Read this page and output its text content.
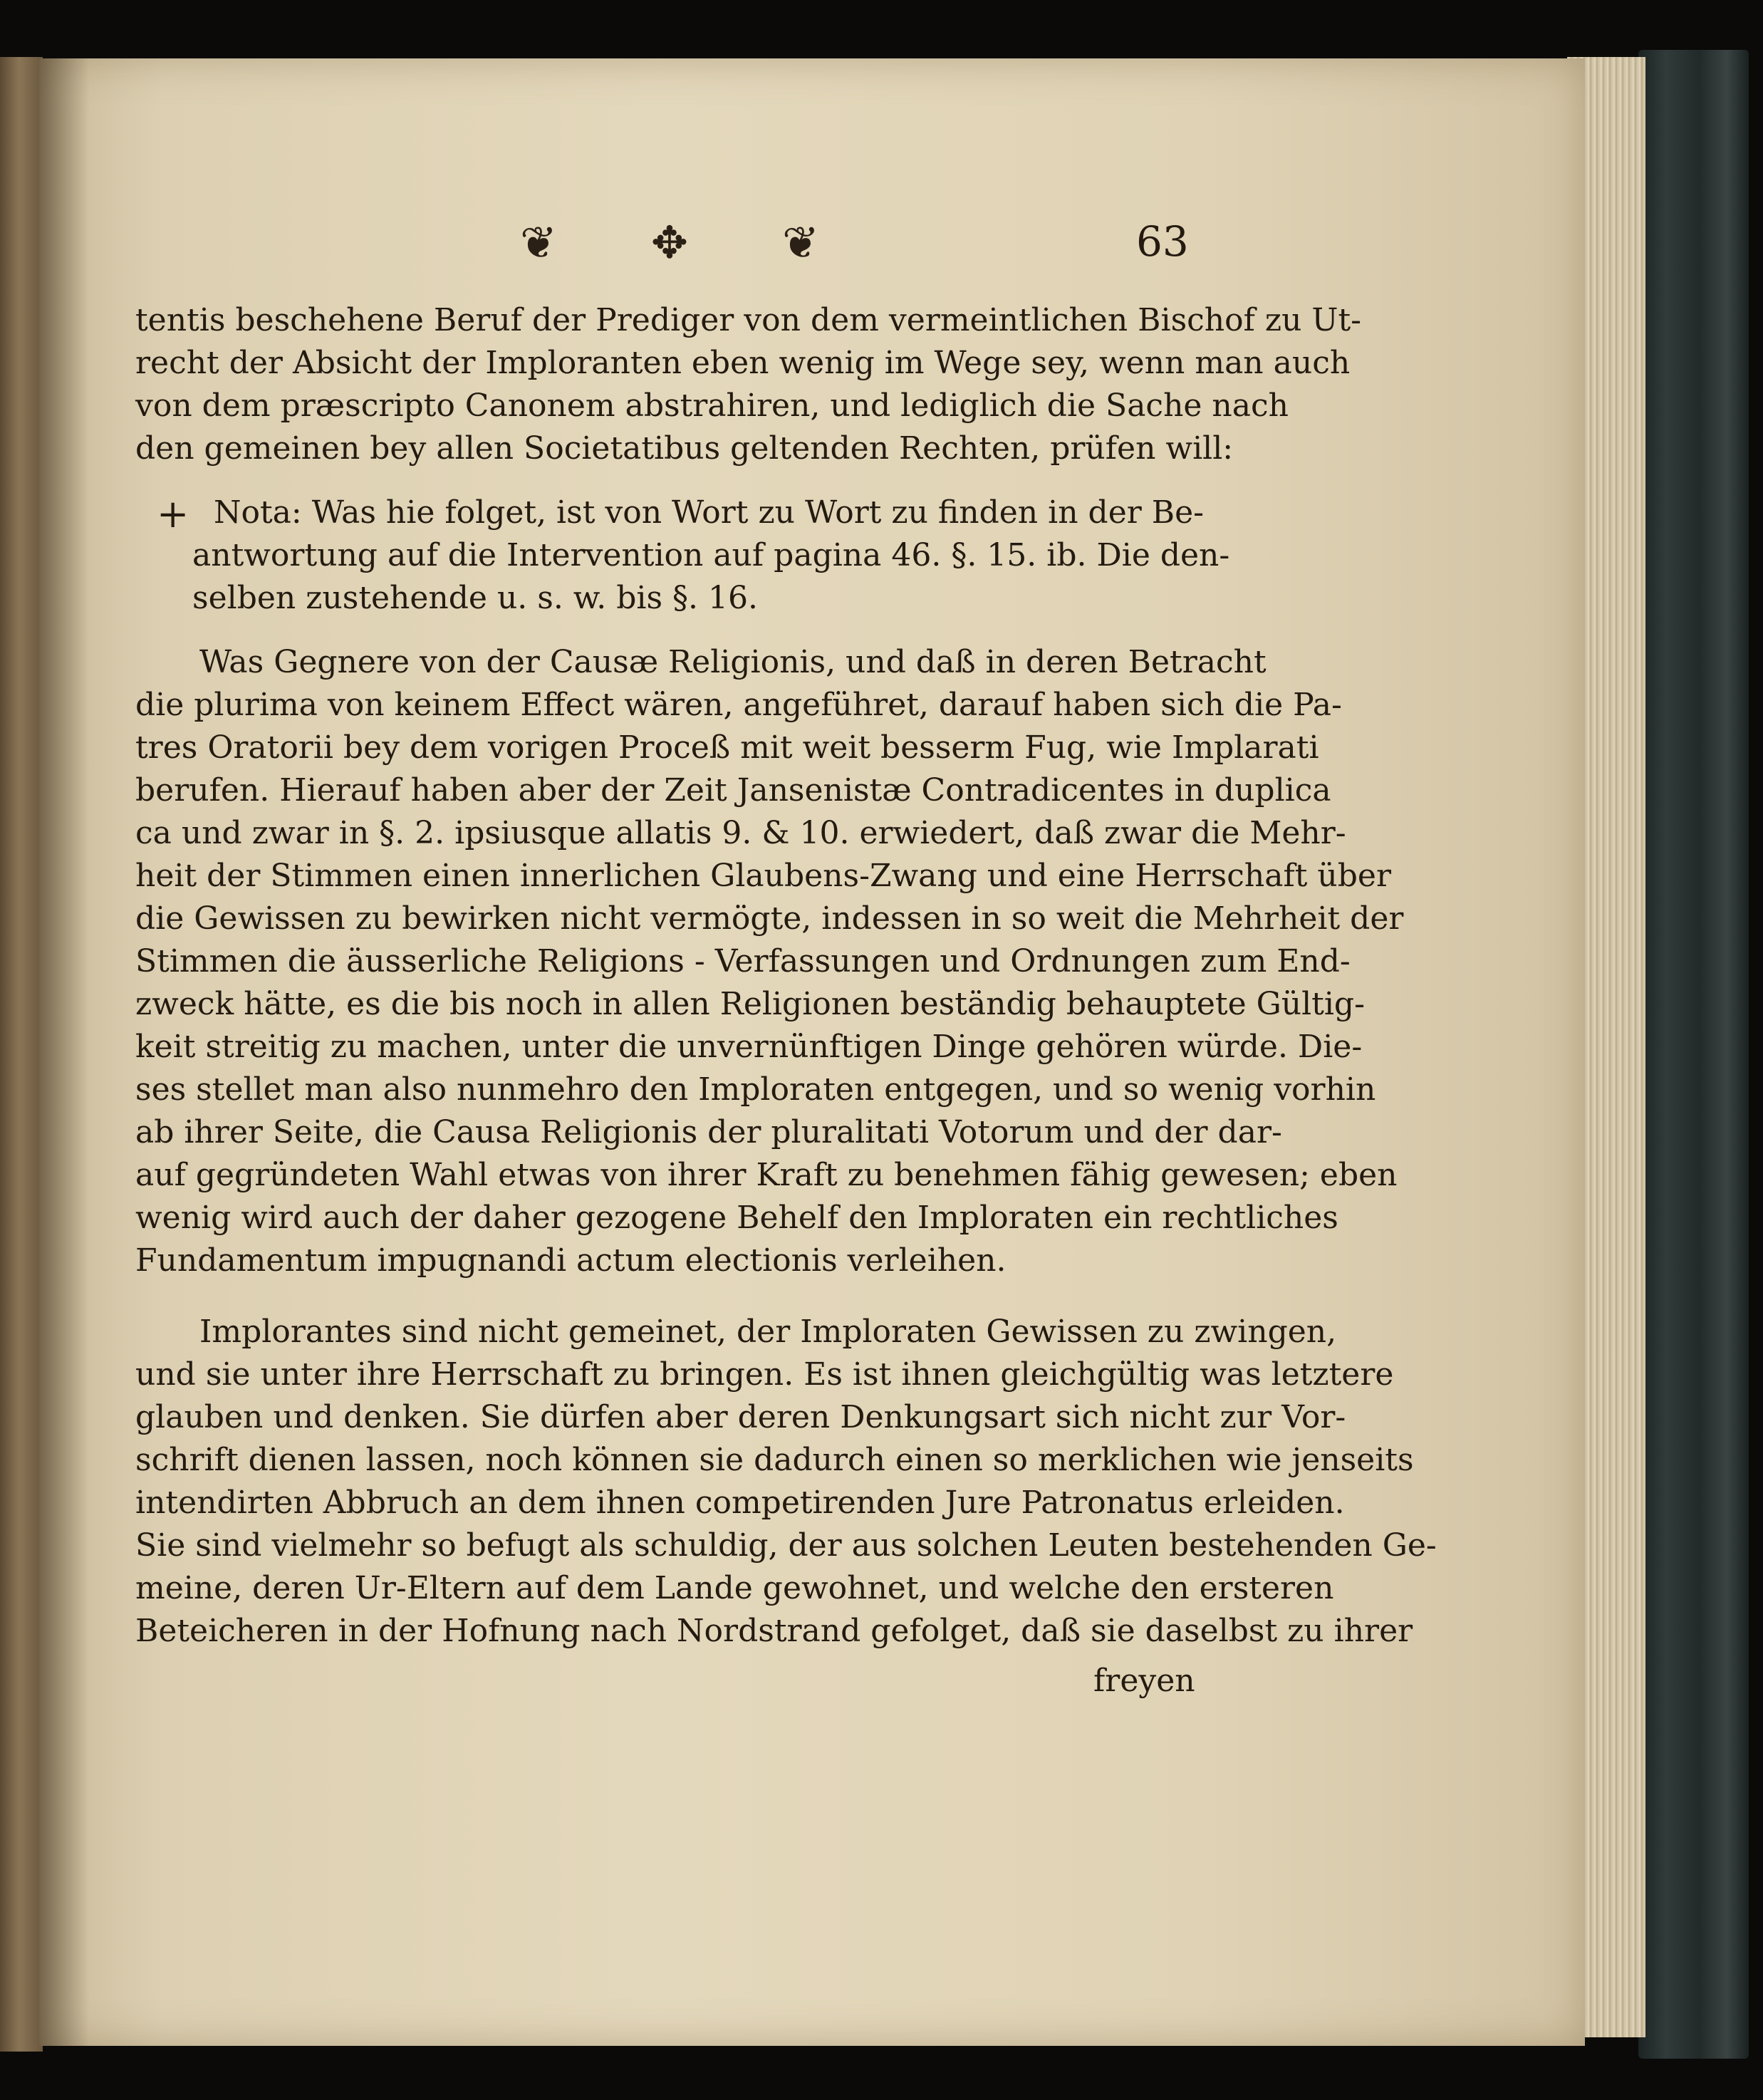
❦ ✥ ❦	63
+
tentis beschehene Beruf der Prediger von dem vermeintlichen Bischof zu Ut-
recht der Absicht der Imploranten eben wenig im Wege sey, wenn man auch
von dem præscripto Canonem abstrahiren, und lediglich die Sache nach
den gemeinen bey allen Societatibus geltenden Rechten, prüfen will:
Nota: Was hie folget, ist von Wort zu Wort zu finden in der Be-
antwortung auf die Intervention auf pagina 46. §. 15. ib. Die den-
selben zustehende u. s. w. bis §. 16.
Was Gegnere von der Causæ Religionis, und daß in deren Betracht
die plurima von keinem Effect wären, angeführet, darauf haben sich die Pa-
tres Oratorii bey dem vorigen Proceß mit weit besserm Fug, wie Implarati
berufen. Hierauf haben aber der Zeit Jansenistæ Contradicentes in duplica
ca und zwar in §. 2. ipsiusque allatis 9. & 10. erwiedert, daß zwar die Mehr-
heit der Stimmen einen innerlichen Glaubens-Zwang und eine Herrschaft über
die Gewissen zu bewirken nicht vermögte, indessen in so weit die Mehrheit der
Stimmen die äusserliche Religions - Verfassungen und Ordnungen zum End-
zweck hätte, es die bis noch in allen Religionen beständig behauptete Gültig-
keit streitig zu machen, unter die unvernünftigen Dinge gehören würde. Die-
ses stellet man also nunmehro den Imploraten entgegen, und so wenig vorhin
ab ihrer Seite, die Causa Religionis der pluralitati Votorum und der dar-
auf gegründeten Wahl etwas von ihrer Kraft zu benehmen fähig gewesen; eben
wenig wird auch der daher gezogene Behelf den Imploraten ein rechtliches
Fundamentum impugnandi actum electionis verleihen.
Implorantes sind nicht gemeinet, der Imploraten Gewissen zu zwingen,
und sie unter ihre Herrschaft zu bringen. Es ist ihnen gleichgültig was letztere
glauben und denken. Sie dürfen aber deren Denkungsart sich nicht zur Vor-
schrift dienen lassen, noch können sie dadurch einen so merklichen wie jenseits
intendirten Abbruch an dem ihnen competirenden Jure Patronatus erleiden.
Sie sind vielmehr so befugt als schuldig, der aus solchen Leuten bestehenden Ge-
meine, deren Ur-Eltern auf dem Lande gewohnet, und welche den ersteren
Beteicheren in der Hofnung nach Nordstrand gefolget, daß sie daselbst zu ihrer
freyen
